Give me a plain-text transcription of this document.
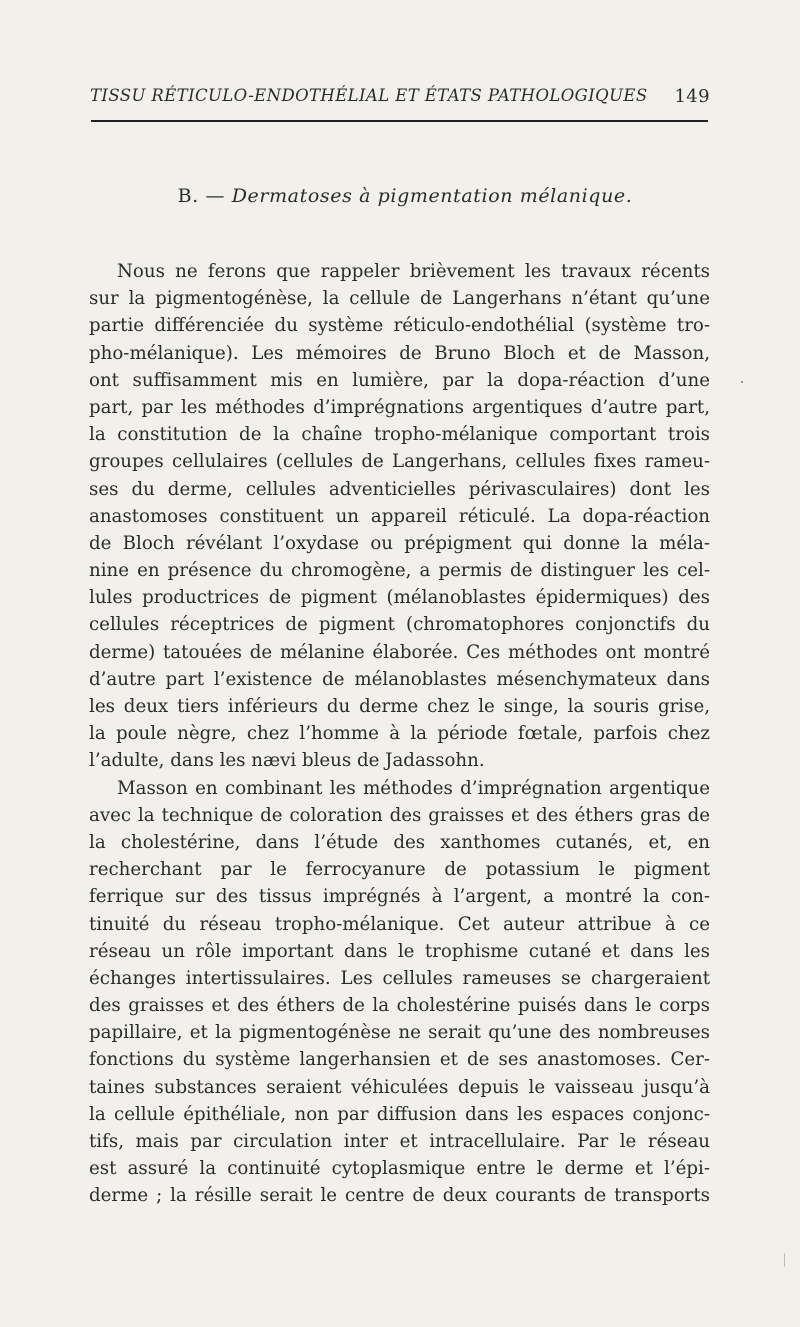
TISSU RÉTICULO-ENDOTHÉLIAL ET ÉTATS PATHOLOGIQUES 149
B. — Dermatoses à pigmentation mélanique.
Nous ne ferons que rappeler brièvement les travaux récents
sur la pigmentogénèse, la cellule de Langerhans n’étant qu’une
partie différenciée du système réticulo-endothélial (système tro-
pho-mélanique). Les mémoires de Bruno Bloch et de Masson,
ont suffisamment mis en lumière, par la dopa-réaction d’une
part, par les méthodes d’imprégnations argentiques d’autre part,
la constitution de la chaîne tropho-mélanique comportant trois
groupes cellulaires (cellules de Langerhans, cellules fixes rameu-
ses du derme, cellules adventicielles périvasculaires) dont les
anastomoses constituent un appareil réticulé. La dopa-réaction
de Bloch révélant l’oxydase ou prépigment qui donne la méla-
nine en présence du chromogène, a permis de distinguer les cel-
lules productrices de pigment (mélanoblastes épidermiques) des
cellules réceptrices de pigment (chromatophores conjonctifs du
derme) tatouées de mélanine élaborée. Ces méthodes ont montré
d’autre part l’existence de mélanoblastes mésenchymateux dans
les deux tiers inférieurs du derme chez le singe, la souris grise,
la poule nègre, chez l’homme à la période fœtale, parfois chez
l’adulte, dans les nævi bleus de Jadassohn.
Masson en combinant les méthodes d’imprégnation argentique
avec la technique de coloration des graisses et des éthers gras de
la cholestérine, dans l’étude des xanthomes cutanés, et, en
recherchant par le ferrocyanure de potassium le pigment
ferrique sur des tissus imprégnés à l’argent, a montré la con-
tinuité du réseau tropho-mélanique. Cet auteur attribue à ce
réseau un rôle important dans le trophisme cutané et dans les
échanges intertissulaires. Les cellules rameuses se chargeraient
des graisses et des éthers de la cholestérine puisés dans le corps
papillaire, et la pigmentogénèse ne serait qu’une des nombreuses
fonctions du système langerhansien et de ses anastomoses. Cer-
taines substances seraient véhiculées depuis le vaisseau jusqu’à
la cellule épithéliale, non par diffusion dans les espaces conjonc-
tifs, mais par circulation inter et intracellulaire. Par le réseau
est assuré la continuité cytoplasmique entre le derme et l’épi-
derme ; la résille serait le centre de deux courants de transports
